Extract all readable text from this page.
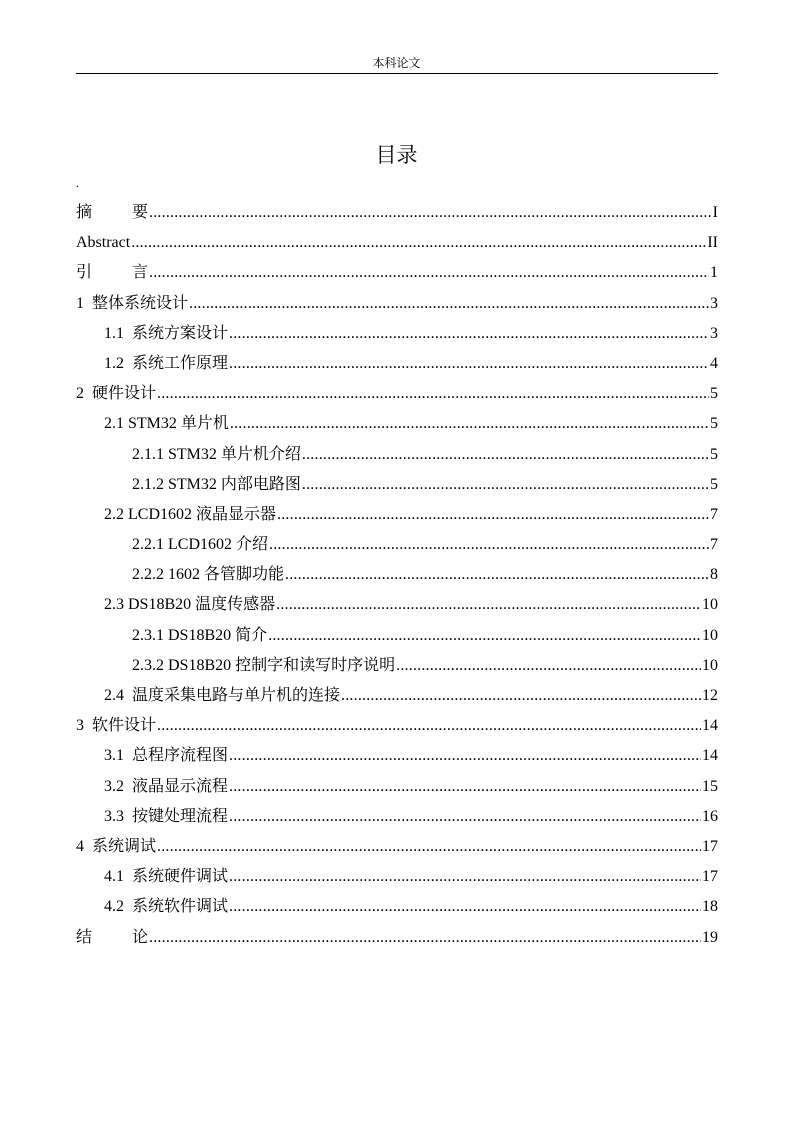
本科论文
目录
.
摘	要 .....	I
Abstract .....	II
引	言 .....	1
1 整体系统设计 .....	3
1.1 系统方案设计 .....	3
1.2 系统工作原理 .....	4
2 硬件设计 .....	5
2.1 STM32 单片机 .....	5
2.1.1 STM32 单片机介绍 .....	5
2.1.2 STM32 内部电路图 .....	5
2.2 LCD1602 液晶显示器 .....	7
2.2.1 LCD1602 介绍 .....	7
2.2.2 1602 各管脚功能 .....	8
2.3 DS18B20 温度传感器 .....	10
2.3.1 DS18B20 简介 .....	10
2.3.2 DS18B20 控制字和读写时序说明 .....	10
2.4 温度采集电路与单片机的连接 .....	12
3 软件设计 .....	14
3.1 总程序流程图 .....	14
3.2 液晶显示流程 .....	15
3.3 按键处理流程 .....	16
4 系统调试 .....	17
4.1 系统硬件调试 .....	17
4.2 系统软件调试 .....	18
结	论 .....	19
